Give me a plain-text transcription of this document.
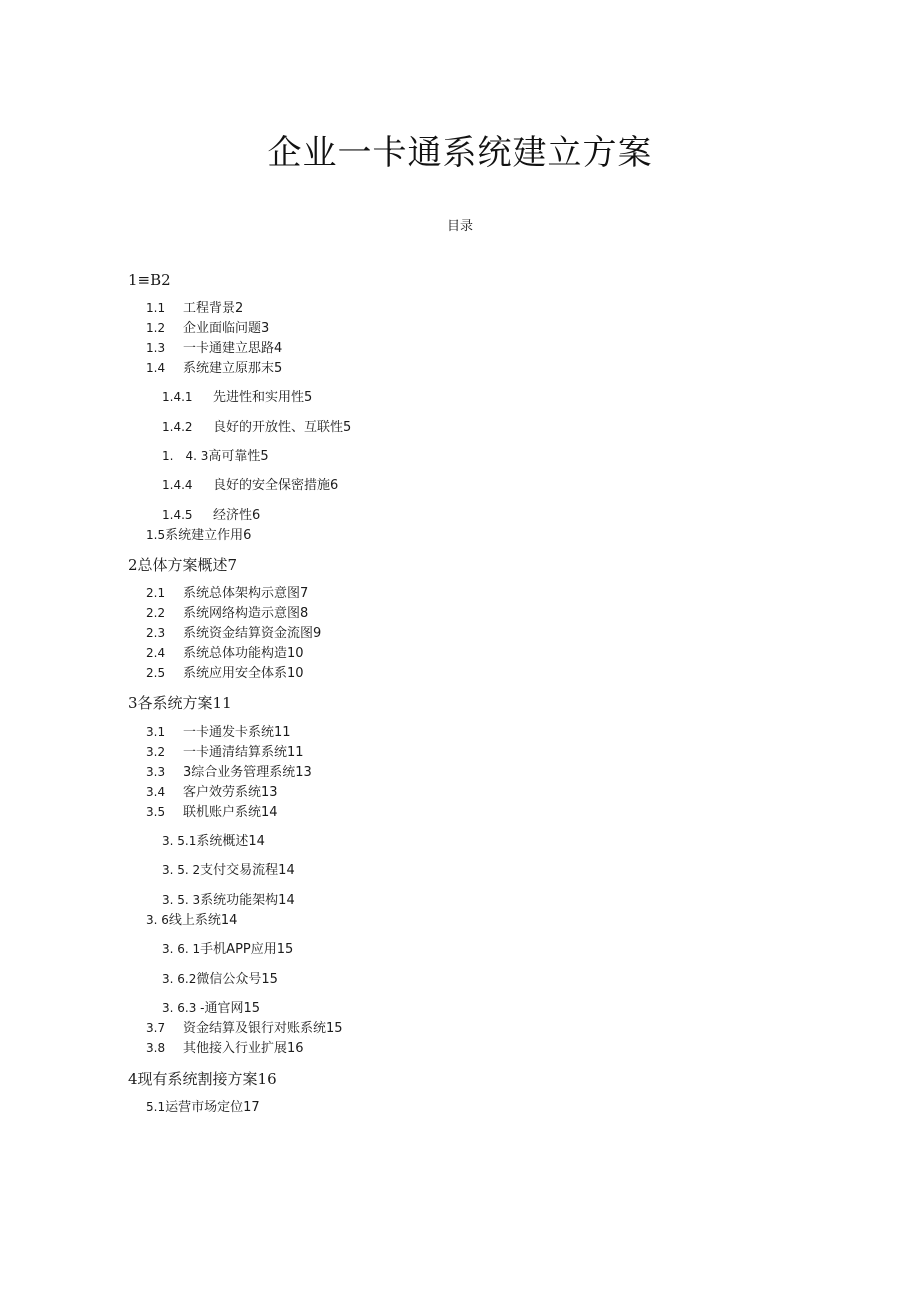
企业一卡通系统建立方案
目录
1≡B2
1.1 工程背景2
1.2 企业面临问题3
1.3 一卡通建立思路4
1.4 系统建立原那末5
1.4.1 先进性和实用性5
1.4.2 良好的开放性、互联性5
1.　4. 3高可靠性5
1.4.4 良好的安全保密措施6
1.4.5 经济性6
1.5系统建立作用6
2总体方案概述7
2.1 系统总体架构示意图7
2.2 系统网络构造示意图8
2.3 系统资金结算资金流图9
2.4 系统总体功能构造10
2.5 系统应用安全体系10
3各系统方案11
3.1 一卡通发卡系统11
3.2 一卡通清结算系统11
3.3 3综合业务管理系统13
3.4 客户效劳系统13
3.5 联机账户系统14
3. 5.1系统概述14
3. 5. 2支付交易流程14
3. 5. 3系统功能架构14
3. 6线上系统14
3. 6. 1手机APP应用15
3. 6.2微信公众号15
3. 6.3 -通官网15
3.7 资金结算及银行对账系统15
3.8 其他接入行业扩展16
4现有系统割接方案16
5.1运营市场定位17
